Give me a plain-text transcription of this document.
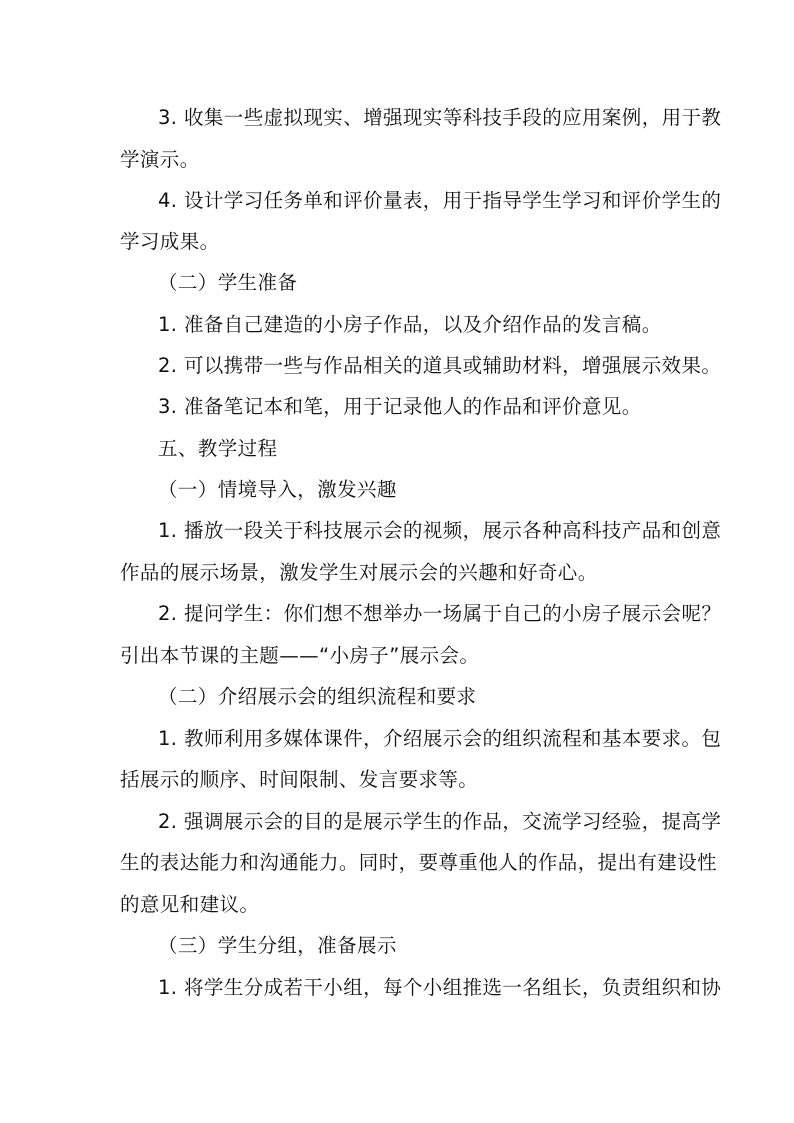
3. 收集一些虚拟现实、增强现实等科技手段的应用案例，用于教
学演示。
4. 设计学习任务单和评价量表，用于指导学生学习和评价学生的
学习成果。
（二）学生准备
1. 准备自己建造的小房子作品，以及介绍作品的发言稿。
2. 可以携带一些与作品相关的道具或辅助材料，增强展示效果。
3. 准备笔记本和笔，用于记录他人的作品和评价意见。
五、教学过程
（一）情境导入，激发兴趣
1. 播放一段关于科技展示会的视频，展示各种高科技产品和创意
作品的展示场景，激发学生对展示会的兴趣和好奇心。
2. 提问学生：你们想不想举办一场属于自己的小房子展示会呢？
引出本节课的主题——“小房子”展示会。
（二）介绍展示会的组织流程和要求
1. 教师利用多媒体课件，介绍展示会的组织流程和基本要求。包
括展示的顺序、时间限制、发言要求等。
2. 强调展示会的目的是展示学生的作品，交流学习经验，提高学
生的表达能力和沟通能力。同时，要尊重他人的作品，提出有建设性
的意见和建议。
（三）学生分组，准备展示
1. 将学生分成若干小组，每个小组推选一名组长，负责组织和协
